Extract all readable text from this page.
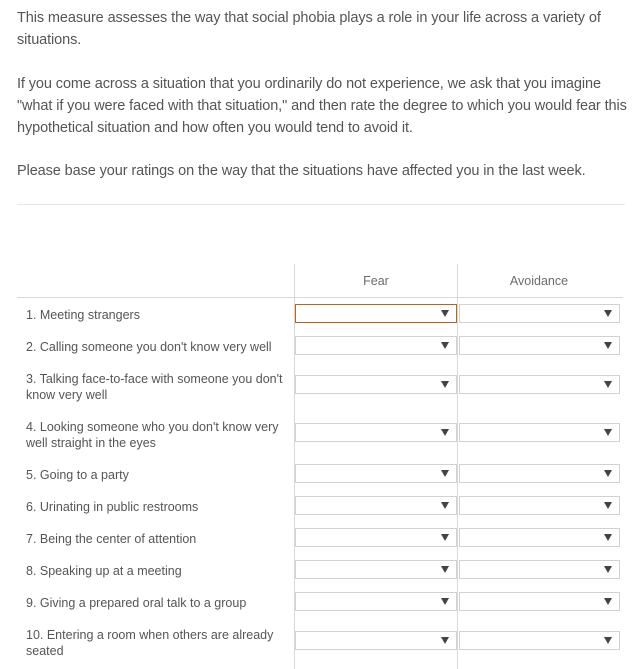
This measure assesses the way that social phobia plays a role in your life across a variety of situations.
If you come across a situation that you ordinarily do not experience, we ask that you imagine "what if you were faced with that situation," and then rate the degree to which you would fear this hypothetical situation and how often you would tend to avoid it.
Please base your ratings on the way that the situations have affected you in the last week.
Fear	Avoidance
1. Meeting strangers
2. Calling someone you don't know very well
3. Talking face-to-face with someone you don't know very well
4. Looking someone who you don't know very well straight in the eyes
5. Going to a party
6. Urinating in public restrooms
7. Being the center of attention
8. Speaking up at a meeting
9. Giving a prepared oral talk to a group
10. Entering a room when others are already seated
